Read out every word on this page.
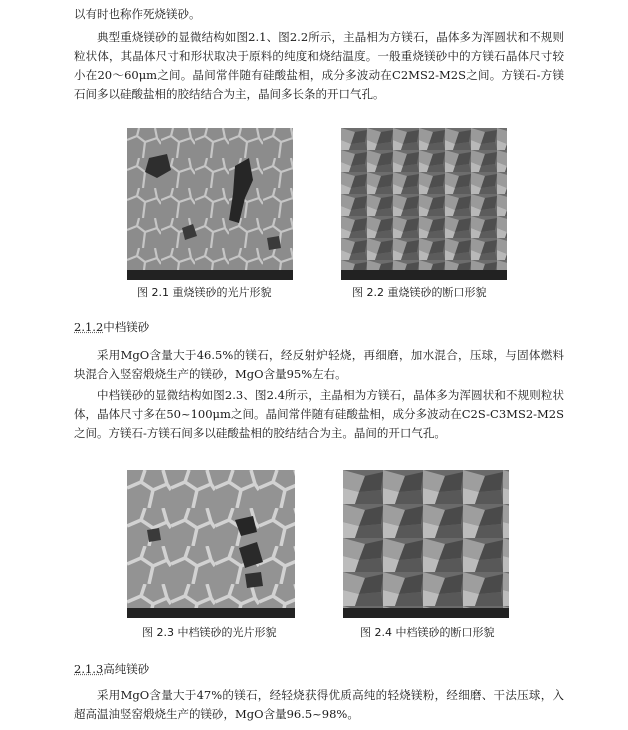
以有时也称作死烧镁砂。

典型重烧镁砂的显微结构如图2.1、图2.2所示，主晶相为方镁石，晶体多为浑圆状和不规则粒状体，其晶体尺寸和形状取决于原料的纯度和烧结温度。一般重烧镁砂中的方镁石晶体尺寸较小在20～60μm之间。晶间常伴随有硅酸盐相，成分多波动在C2MS2-M2S之间。方镁石-方镁石间多以硅酸盐相的胶结结合为主，晶间多长条的开口气孔。

图 2.1 重烧镁砂的光片形貌	图 2.2 重烧镁砂的断口形貌

2.1.2中档镁砂

采用MgO含量大于46.5%的镁石，经反射炉轻烧，再细磨，加水混合，压球，与固体燃料块混合入竖窑煅烧生产的镁砂，MgO含量95%左右。

中档镁砂的显微结构如图2.3、图2.4所示，主晶相为方镁石，晶体多为浑圆状和不规则粒状体，晶体尺寸多在50~100μm之间。晶间常伴随有硅酸盐相，成分多波动在C2S-C3MS2-M2S之间。方镁石-方镁石间多以硅酸盐相的胶结结合为主。晶间的开口气孔。

图 2.3 中档镁砂的光片形貌	图 2.4 中档镁砂的断口形貌

2.1.3高纯镁砂

采用MgO含量大于47%的镁石，经轻烧获得优质高纯的轻烧镁粉，经细磨、干法压球，入超高温油竖窑煅烧生产的镁砂，MgO含量96.5~98%。
